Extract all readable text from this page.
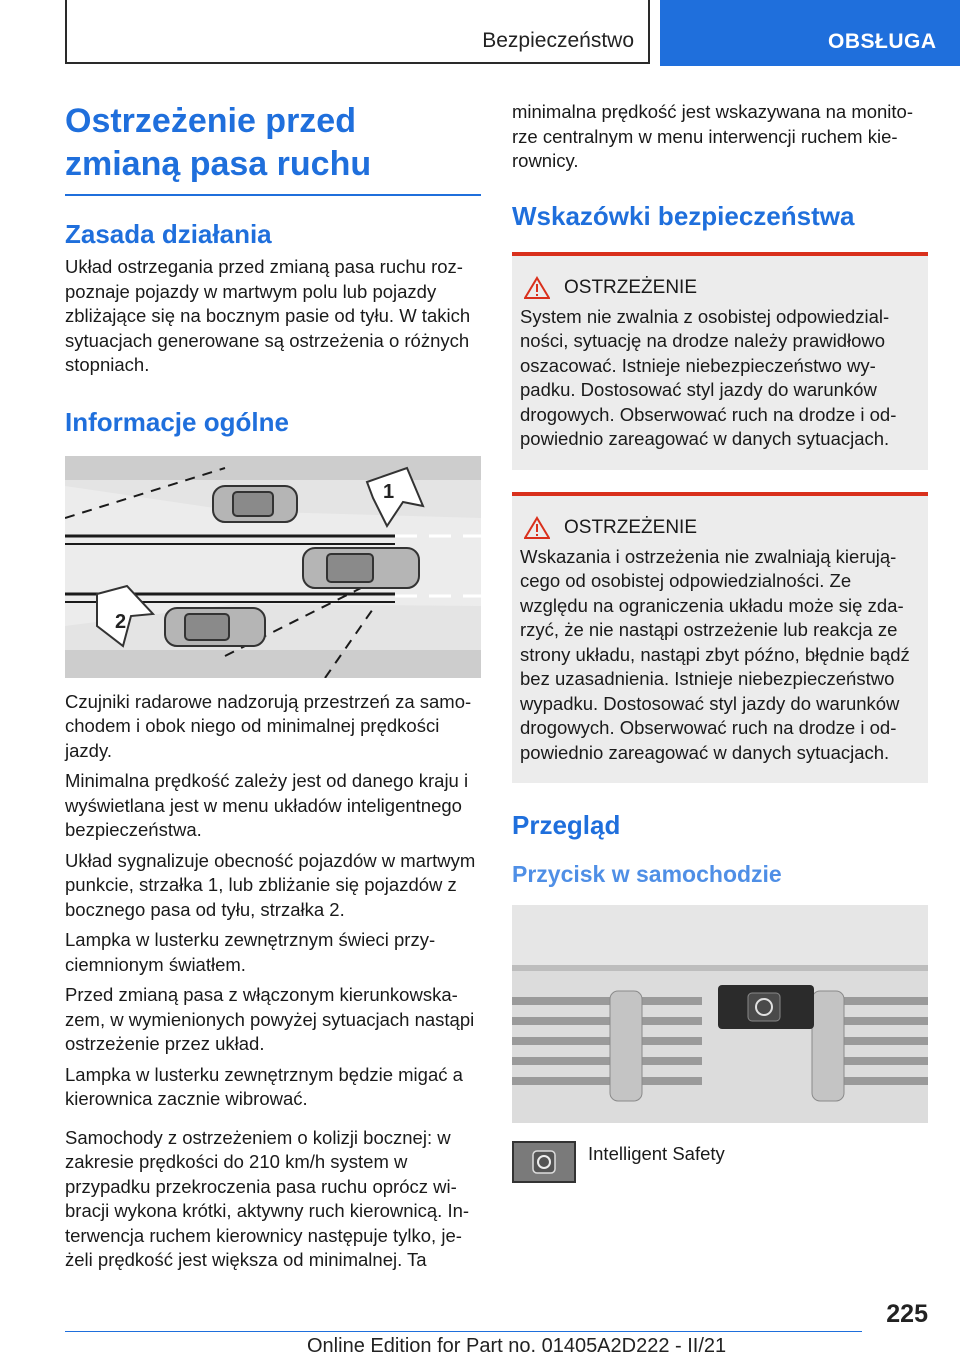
Bezpieczeństwo	OBSŁUGA
Ostrzeżenie przed zmianą pasa ruchu
Zasada działania

Układ ostrzegania przed zmianą pasa ruchu rozpoznaje pojazdy w martwym polu lub pojazdy zbliżające się na bocznym pasie od tyłu. W takich sytuacjach generowane są ostrzeżenia o różnych stopniach.

Informacje ogólne
1
2

Czujniki radarowe nadzorują przestrzeń za samochodem i obok niego od minimalnej prędkości jazdy.

Minimalna prędkość zależy jest od danego kraju i wyświetlana jest w menu układów inteligentnego bezpieczeństwa.

Układ sygnalizuje obecność pojazdów w martwym punkcie, strzałka 1, lub zbliżanie się pojazdów z bocznego pasa od tyłu, strzałka 2.

Lampka w lusterku zewnętrznym świeci przyciemnionym światłem.

Przed zmianą pasa z włączonym kierunkowskazem, w wymienionych powyżej sytuacjach nastąpi ostrzeżenie przez układ.

Lampka w lusterku zewnętrznym będzie migać a kierownica zacznie wibrować.

Samochody z ostrzeżeniem o kolizji bocznej: w zakresie prędkości do 210 km/h system w przypadku przekroczenia pasa ruchu oprócz wibracji wykona krótki, aktywny ruch kierownicą. Interwencja ruchem kierownicy następuje tylko, jeżeli prędkość jest większa od minimalnej. Ta

minimalna prędkość jest wskazywana na monitorze centralnym w menu interwencji ruchem kierownicy.

Wskazówki bezpieczeństwa
OSTRZEŻENIE

System nie zwalnia z osobistej odpowiedzialności, sytuację na drodze należy prawidłowo oszacować. Istnieje niebezpieczeństwo wypadku. Dostosować styl jazdy do warunków drogowych. Obserwować ruch na drodze i odpowiednio zareagować w danych sytuacjach.

OSTRZEŻENIE

Wskazania i ostrzeżenia nie zwalniają kierującego od osobistej odpowiedzialności. Ze względu na ograniczenia układu może się zdarzyć, że nie nastąpi ostrzeżenie lub reakcja ze strony układu, nastąpi zbyt późno, błędnie bądź bez uzasadnienia. Istnieje niebezpieczeństwo wypadku. Dostosować styl jazdy do warunków drogowych. Obserwować ruch na drodze i odpowiednio zareagować w danych sytuacjach.

Przegląd
Przycisk w samochodzie
Intelligent Safety
225
Online Edition for Part no. 01405A2D222 - II/21
